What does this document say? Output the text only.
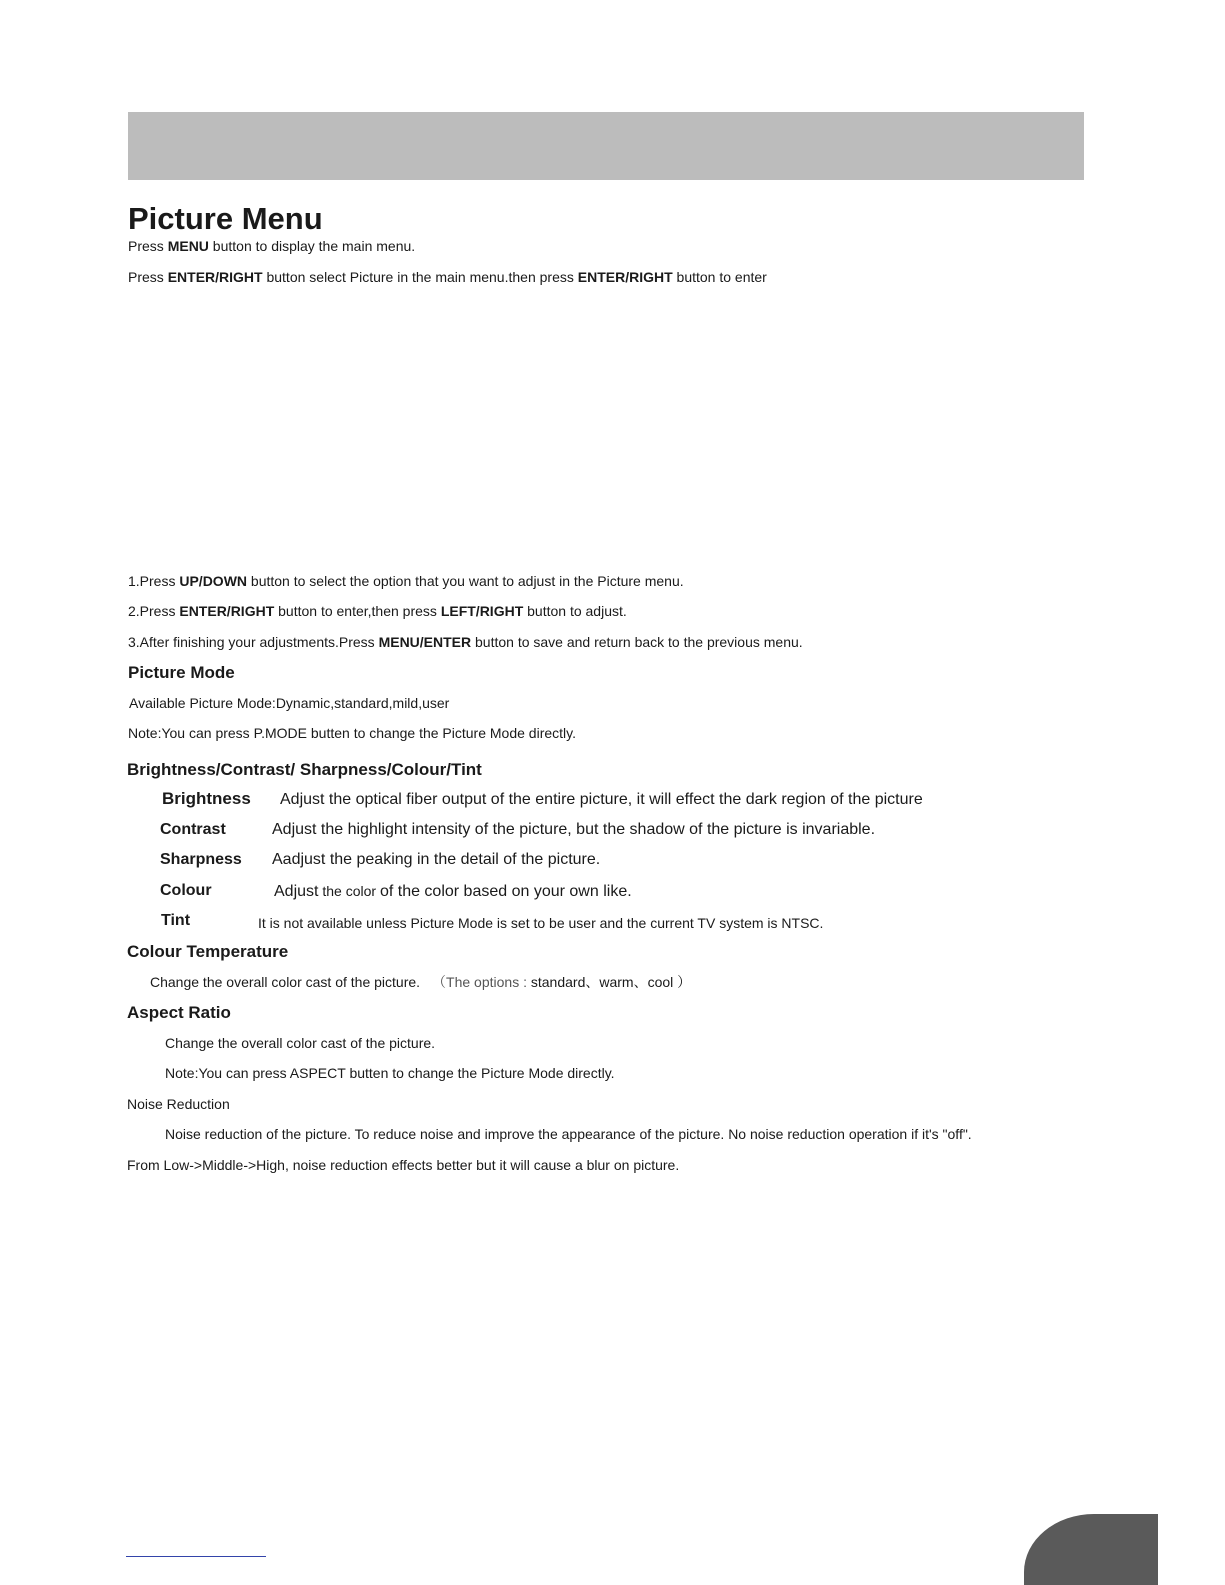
Picture Menu

Press MENU button to display the main menu.

Press ENTER/RIGHT button select Picture in the main menu.then press ENTER/RIGHT button to enter

1.Press UP/DOWN button to select the option that you want to adjust in the Picture menu.

2.Press ENTER/RIGHT button to enter,then press LEFT/RIGHT button to adjust.

3.After finishing your adjustments.Press MENU/ENTER button to save and return back to the previous menu.

Picture Mode

Available Picture Mode:Dynamic,standard,mild,user

Note:You can press P.MODE butten to change the Picture Mode directly.

Brightness/Contrast/ Sharpness/Colour/Tint

Brightness Adjust the optical fiber output of the entire picture, it will effect the dark region of the picture
Contrast	Adjust the highlight intensity of the picture, but the shadow of the picture is invariable.
Sharpness Aadjust the peaking in the detail of the picture.
Colour	Adjust the color of the color based on your own like.
Tint	It is not available unless Picture Mode is set to be user and the current TV system is NTSC.

Colour Temperature

Change the overall color cast of the picture. （The options : standard、warm、cool ）

Aspect Ratio

Change the overall color cast of the picture.

Note:You can press ASPECT butten to change the Picture Mode directly.

Noise Reduction

Noise reduction of the picture. To reduce noise and improve the appearance of the picture. No noise reduction operation if it's "off".

From Low->Middle->High, noise reduction effects better but it will cause a blur on picture.
